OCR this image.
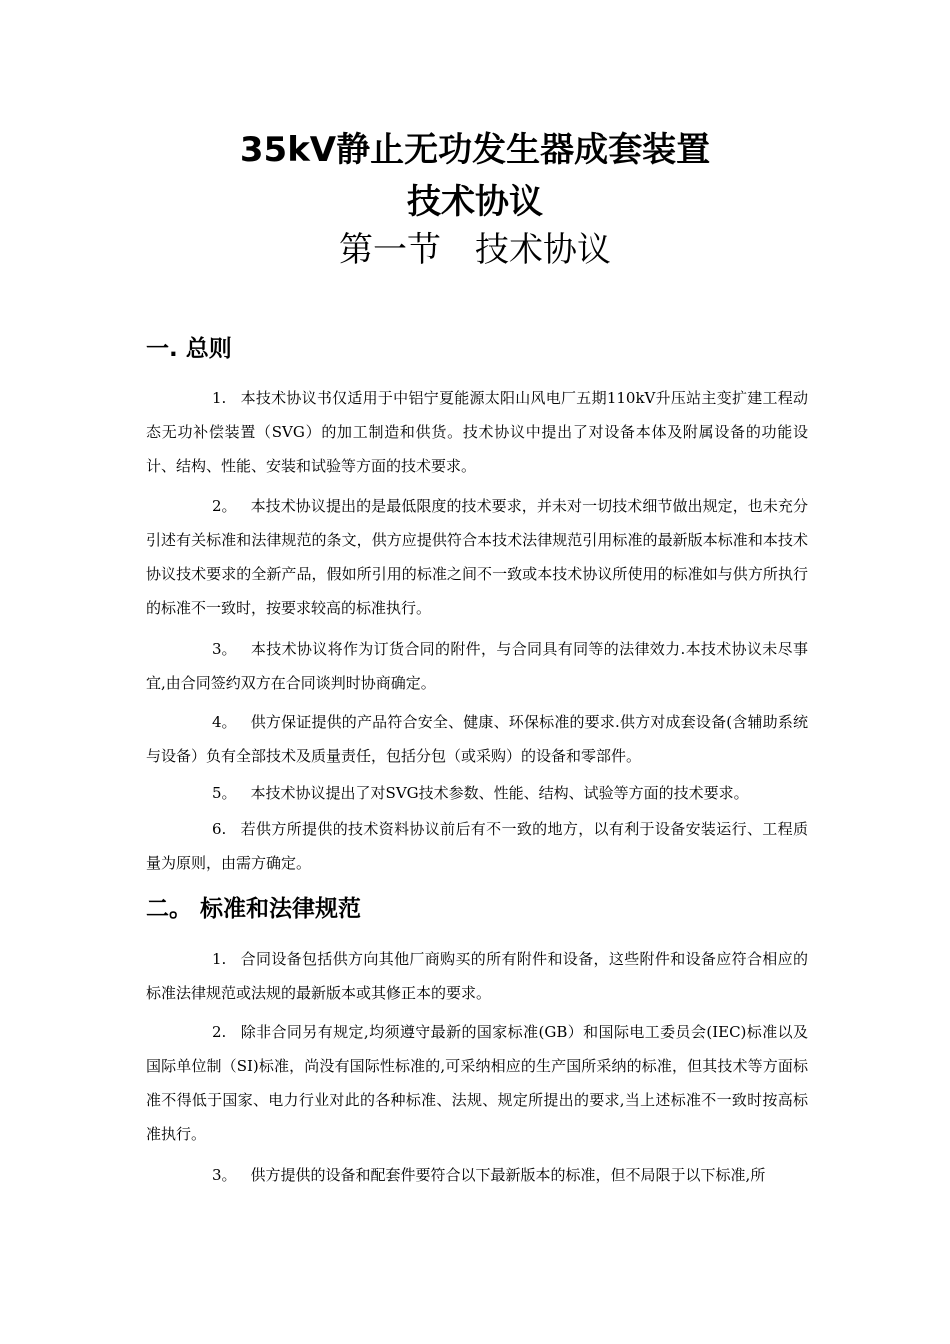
35kV静止无功发生器成套装置
技术协议
第一节　技术协议
一. 总则
1. 本技术协议书仅适用于中铝宁夏能源太阳山风电厂五期110kV升压站主变扩建工程动态无功补偿装置（SVG）的加工制造和供货。技术协议中提出了对设备本体及附属设备的功能设计、结构、性能、安装和试验等方面的技术要求。
2。 本技术协议提出的是最低限度的技术要求，并未对一切技术细节做出规定，也未充分引述有关标准和法律规范的条文，供方应提供符合本技术法律规范引用标准的最新版本标准和本技术协议技术要求的全新产品，假如所引用的标准之间不一致或本技术协议所使用的标准如与供方所执行的标准不一致时，按要求较高的标准执行。
3。 本技术协议将作为订货合同的附件，与合同具有同等的法律效力.本技术协议未尽事宜,由合同签约双方在合同谈判时协商确定。
4。 供方保证提供的产品符合安全、健康、环保标准的要求.供方对成套设备(含辅助系统与设备）负有全部技术及质量责任，包括分包（或采购）的设备和零部件。
5。 本技术协议提出了对SVG技术参数、性能、结构、试验等方面的技术要求。
6. 若供方所提供的技术资料协议前后有不一致的地方，以有利于设备安装运行、工程质量为原则，由需方确定。
二。 标准和法律规范
1. 合同设备包括供方向其他厂商购买的所有附件和设备，这些附件和设备应符合相应的标准法律规范或法规的最新版本或其修正本的要求。
2. 除非合同另有规定,均须遵守最新的国家标准(GB）和国际电工委员会(IEC)标准以及国际单位制（SI)标准，尚没有国际性标准的,可采纳相应的生产国所采纳的标准，但其技术等方面标准不得低于国家、电力行业对此的各种标准、法规、规定所提出的要求,当上述标准不一致时按高标准执行。
3。 供方提供的设备和配套件要符合以下最新版本的标准，但不局限于以下标准,所
